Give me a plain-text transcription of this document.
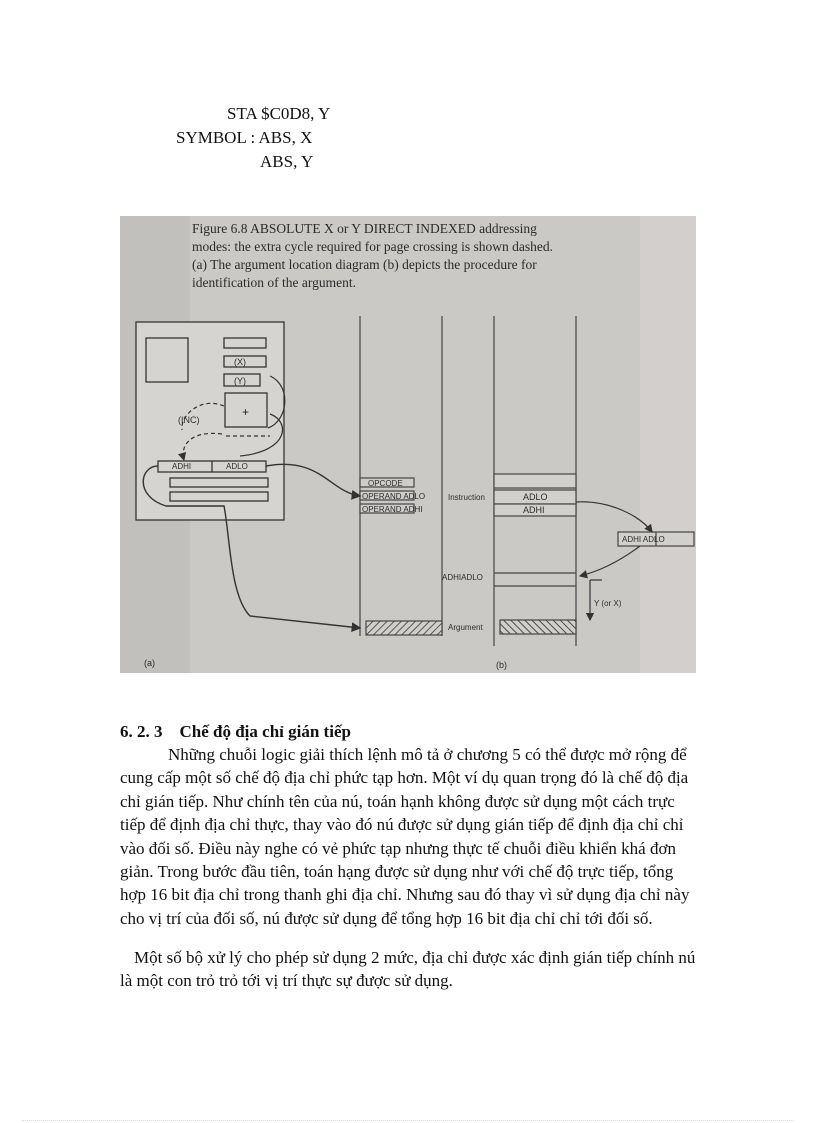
STA $C0D8, Y
SYMBOL : ABS, X
ABS, Y
Figure 6.8 ABSOLUTE X or Y DIRECT INDEXED addressing
modes: the extra cycle required for page crossing is shown dashed.
(a) The argument location diagram (b) depicts the procedure for
identification of the argument.
(X)
(Y)
+
(INC)
ADHI	ADLO
OPCODE
OPERAND ADLO
OPERAND ADHI
Instruction
Argument
ADLO
ADHI
ADHI ADLO
ADHIADLO
Y (or X)
(a)	(b)
6. 2. 3    Chế độ địa chỉ gián tiếp
Những chuỗi logic giải thích lệnh mô tả ở chương 5 có thể được mở rộng để cung cấp một số chế độ địa chỉ phức tạp hơn. Một ví dụ quan trọng đó là chế độ địa chỉ gián tiếp. Như chính tên của nú, toán hạnh không được sử dụng một cách trực tiếp để định địa chỉ thực, thay vào đó nú được sử dụng gián tiếp để định địa chỉ chỉ vào đối số. Điều này nghe có vẻ phức tạp nhưng thực tế chuỗi điều khiển khá đơn giản. Trong bước đầu tiên, toán hạng được sử dụng như với chế độ trực tiếp, tổng hợp 16 bit địa chỉ trong thanh ghi địa chỉ. Nhưng sau đó thay vì sử dụng địa chỉ này cho vị trí của đối số, nú được sử dụng để tổng hợp 16 bit địa chỉ chỉ tới đối số.
Một số bộ xử lý cho phép sử dụng 2 mức, địa chỉ được xác định gián tiếp chính nú là một con trỏ trỏ tới vị trí thực sự được sử dụng.
